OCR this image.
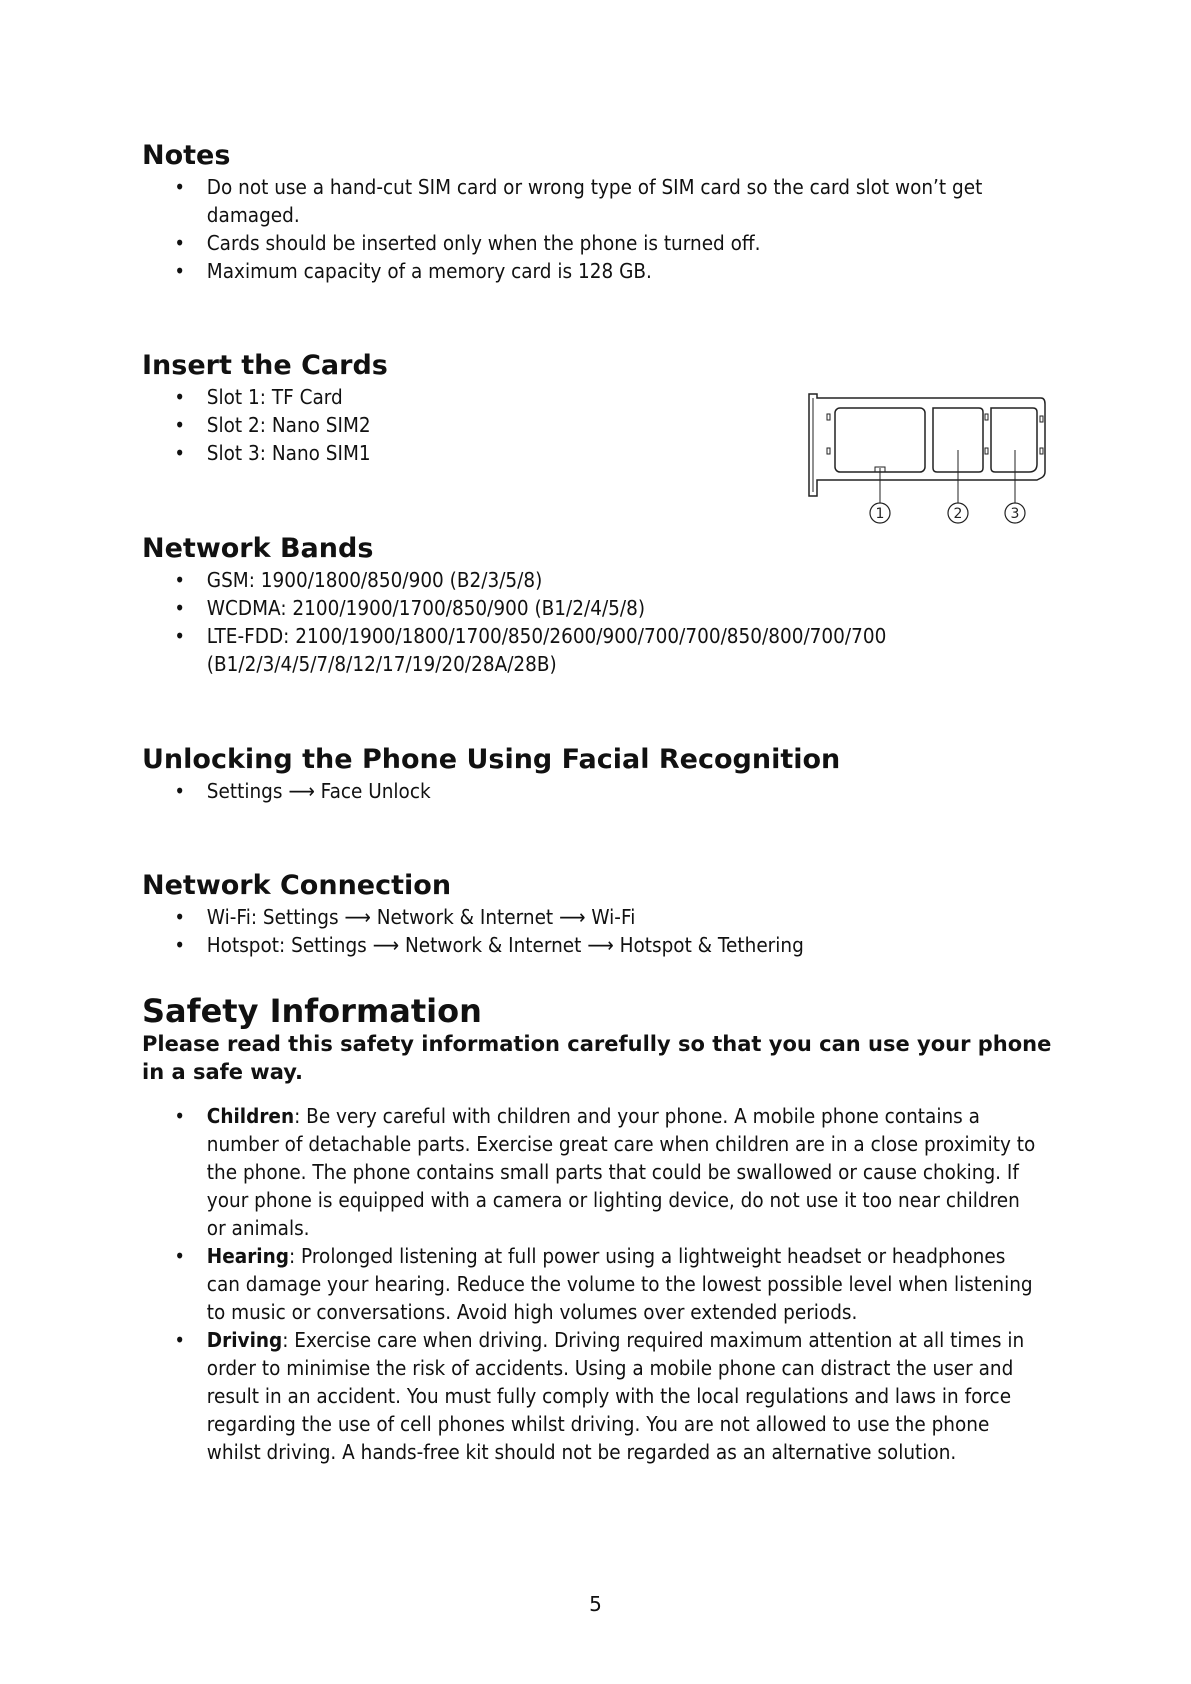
Notes
• Do not use a hand-cut SIM card or wrong type of SIM card so the card slot won’t get damaged.
• Cards should be inserted only when the phone is turned off.
• Maximum capacity of a memory card is 128 GB.
Insert the Cards
• Slot 1: TF Card
• Slot 2: Nano SIM2
• Slot 3: Nano SIM1
1	2	3
Network Bands
• GSM: 1900/1800/850/900 (B2/3/5/8)
• WCDMA: 2100/1900/1700/850/900 (B1/2/4/5/8)
• LTE-FDD: 2100/1900/1800/1700/850/2600/900/700/700/850/800/700/700 (B1/2/3/4/5/7/8/12/17/19/20/28A/28B)
Unlocking the Phone Using Facial Recognition
• Settings ⟶ Face Unlock
Network Connection
• Wi-Fi: Settings ⟶ Network & Internet ⟶ Wi-Fi
• Hotspot: Settings ⟶ Network & Internet ⟶ Hotspot & Tethering
Safety Information

Please read this safety information carefully so that you can use your phone in a safe way.

• Children: Be very careful with children and your phone. A mobile phone contains a number of detachable parts. Exercise great care when children are in a close proximity to the phone. The phone contains small parts that could be swallowed or cause choking. If your phone is equipped with a camera or lighting device, do not use it too near children or animals.
• Hearing: Prolonged listening at full power using a lightweight headset or headphones can damage your hearing. Reduce the volume to the lowest possible level when listening to music or conversations. Avoid high volumes over extended periods.
• Driving: Exercise care when driving. Driving required maximum attention at all times in order to minimise the risk of accidents. Using a mobile phone can distract the user and result in an accident. You must fully comply with the local regulations and laws in force regarding the use of cell phones whilst driving. You are not allowed to use the phone whilst driving. A hands-free kit should not be regarded as an alternative solution.
5
